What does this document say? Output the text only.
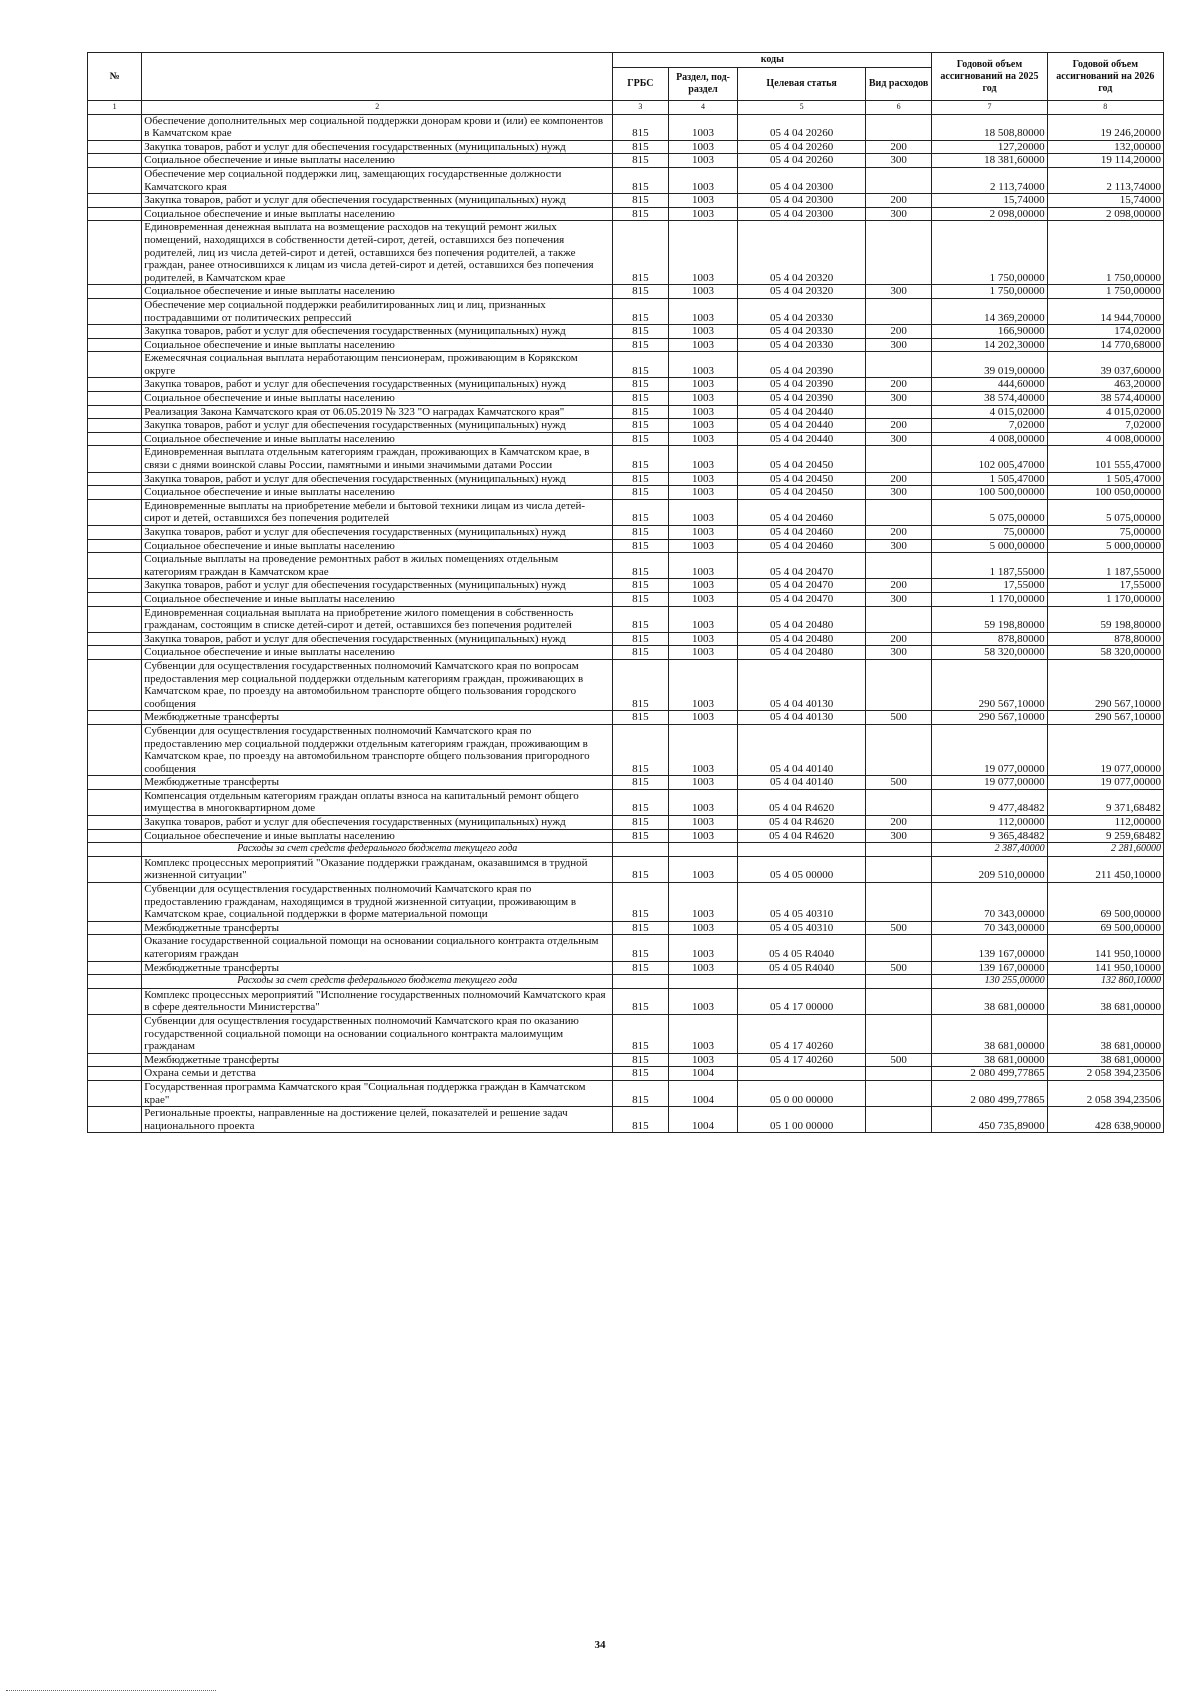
№		коды				Годовой объем ассигнований на 2025 год	Годовой объем ассигнований на 2026 год
		ГРБС	Раздел, под-раздел	Целевая статья	Вид расходов		
1	2	3	4	5	6	7	8
	Обеспечение дополнительных мер социальной поддержки донорам крови и (или) ее компонентов в Камчатском крае	815	1003	05 4 04 20260		18 508,80000	19 246,20000
	Закупка товаров, работ и услуг для обеспечения государственных (муниципальных) нужд	815	1003	05 4 04 20260	200	127,20000	132,00000
	Социальное обеспечение и иные выплаты населению	815	1003	05 4 04 20260	300	18 381,60000	19 114,20000
	Обеспечение мер социальной поддержки лиц, замещающих государственные должности Камчатского края	815	1003	05 4 04 20300		2 113,74000	2 113,74000
	Закупка товаров, работ и услуг для обеспечения государственных (муниципальных) нужд	815	1003	05 4 04 20300	200	15,74000	15,74000
	Социальное обеспечение и иные выплаты населению	815	1003	05 4 04 20300	300	2 098,00000	2 098,00000
	Единовременная денежная выплата на возмещение расходов на текущий ремонт жилых помещений, находящихся в собственности детей-сирот, детей, оставшихся без попечения родителей, лиц из числа детей-сирот и детей, оставшихся без попечения родителей, а также граждан, ранее относившихся к лицам из числа детей-сирот и детей, оставшихся без попечения родителей, в Камчатском крае	815	1003	05 4 04 20320		1 750,00000	1 750,00000
	Социальное обеспечение и иные выплаты населению	815	1003	05 4 04 20320	300	1 750,00000	1 750,00000
	Обеспечение мер социальной поддержки реабилитированных лиц и лиц, признанных пострадавшими от политических репрессий	815	1003	05 4 04 20330		14 369,20000	14 944,70000
	Закупка товаров, работ и услуг для обеспечения государственных (муниципальных) нужд	815	1003	05 4 04 20330	200	166,90000	174,02000
	Социальное обеспечение и иные выплаты населению	815	1003	05 4 04 20330	300	14 202,30000	14 770,68000
	Ежемесячная социальная выплата неработающим пенсионерам, проживающим в Корякском округе	815	1003	05 4 04 20390		39 019,00000	39 037,60000
	Закупка товаров, работ и услуг для обеспечения государственных (муниципальных) нужд	815	1003	05 4 04 20390	200	444,60000	463,20000
	Социальное обеспечение и иные выплаты населению	815	1003	05 4 04 20390	300	38 574,40000	38 574,40000
	Реализация Закона Камчатского края от 06.05.2019 № 323 "О наградах Камчатского края"	815	1003	05 4 04 20440		4 015,02000	4 015,02000
	Закупка товаров, работ и услуг для обеспечения государственных (муниципальных) нужд	815	1003	05 4 04 20440	200	7,02000	7,02000
	Социальное обеспечение и иные выплаты населению	815	1003	05 4 04 20440	300	4 008,00000	4 008,00000
	Единовременная выплата отдельным категориям граждан, проживающих в Камчатском крае, в связи с днями воинской славы России, памятными и иными значимыми датами России	815	1003	05 4 04 20450		102 005,47000	101 555,47000
	Закупка товаров, работ и услуг для обеспечения государственных (муниципальных) нужд	815	1003	05 4 04 20450	200	1 505,47000	1 505,47000
	Социальное обеспечение и иные выплаты населению	815	1003	05 4 04 20450	300	100 500,00000	100 050,00000
	Единовременные выплаты на приобретение мебели и бытовой техники лицам из числа детей-сирот и детей, оставшихся без попечения родителей	815	1003	05 4 04 20460		5 075,00000	5 075,00000
	Закупка товаров, работ и услуг для обеспечения государственных (муниципальных) нужд	815	1003	05 4 04 20460	200	75,00000	75,00000
	Социальное обеспечение и иные выплаты населению	815	1003	05 4 04 20460	300	5 000,00000	5 000,00000
	Социальные выплаты на проведение ремонтных работ в жилых помещениях отдельным категориям граждан в Камчатском крае	815	1003	05 4 04 20470		1 187,55000	1 187,55000
	Закупка товаров, работ и услуг для обеспечения государственных (муниципальных) нужд	815	1003	05 4 04 20470	200	17,55000	17,55000
	Социальное обеспечение и иные выплаты населению	815	1003	05 4 04 20470	300	1 170,00000	1 170,00000
	Единовременная социальная выплата на приобретение жилого помещения в собственность гражданам, состоящим в списке детей-сирот и детей, оставшихся без попечения родителей	815	1003	05 4 04 20480		59 198,80000	59 198,80000
	Закупка товаров, работ и услуг для обеспечения государственных (муниципальных) нужд	815	1003	05 4 04 20480	200	878,80000	878,80000
	Социальное обеспечение и иные выплаты населению	815	1003	05 4 04 20480	300	58 320,00000	58 320,00000
	Субвенции для осуществления государственных полномочий Камчатского края по вопросам предоставления мер социальной поддержки отдельным категориям граждан, проживающих в Камчатском крае, по проезду на автомобильном транспорте общего пользования городского сообщения	815	1003	05 4 04 40130		290 567,10000	290 567,10000
	Межбюджетные трансферты	815	1003	05 4 04 40130	500	290 567,10000	290 567,10000
	Субвенции для осуществления государственных полномочий Камчатского края по предоставлению мер социальной поддержки отдельным категориям граждан, проживающим в Камчатском крае, по проезду на автомобильном транспорте общего пользования пригородного сообщения	815	1003	05 4 04 40140		19 077,00000	19 077,00000
	Межбюджетные трансферты	815	1003	05 4 04 40140	500	19 077,00000	19 077,00000
	Компенсация отдельным категориям граждан оплаты взноса на капитальный ремонт общего имущества в многоквартирном доме	815	1003	05 4 04 R4620		9 477,48482	9 371,68482
	Закупка товаров, работ и услуг для обеспечения государственных (муниципальных) нужд	815	1003	05 4 04 R4620	200	112,00000	112,00000
	Социальное обеспечение и иные выплаты населению	815	1003	05 4 04 R4620	300	9 365,48482	9 259,68482
	Расходы за счет средств федерального бюджета текущего года					2 387,40000	2 281,60000
	Комплекс процессных мероприятий "Оказание поддержки гражданам, оказавшимся в трудной жизненной ситуации"	815	1003	05 4 05 00000		209 510,00000	211 450,10000
	Субвенции для осуществления государственных полномочий Камчатского края по предоставлению гражданам, находящимся в трудной жизненной ситуации, проживающим в Камчатском крае, социальной поддержки в форме материальной помощи	815	1003	05 4 05 40310		70 343,00000	69 500,00000
	Межбюджетные трансферты	815	1003	05 4 05 40310	500	70 343,00000	69 500,00000
	Оказание государственной социальной помощи на основании социального контракта отдельным категориям граждан	815	1003	05 4 05 R4040		139 167,00000	141 950,10000
	Межбюджетные трансферты	815	1003	05 4 05 R4040	500	139 167,00000	141 950,10000
	Расходы за счет средств федерального бюджета текущего года					130 255,00000	132 860,10000
	Комплекс процессных мероприятий "Исполнение государственных полномочий Камчатского края в сфере деятельности Министерства"	815	1003	05 4 17 00000		38 681,00000	38 681,00000
	Субвенции для осуществления государственных полномочий Камчатского края по оказанию государственной социальной помощи на основании социального контракта малоимущим гражданам	815	1003	05 4 17 40260		38 681,00000	38 681,00000
	Межбюджетные трансферты	815	1003	05 4 17 40260	500	38 681,00000	38 681,00000
	Охрана семьи и детства	815	1004			2 080 499,77865	2 058 394,23506
	Государственная программа Камчатского края "Социальная поддержка граждан в Камчатском крае"	815	1004	05 0 00 00000		2 080 499,77865	2 058 394,23506
	Региональные проекты, направленные на достижение целей, показателей и решение задач национального проекта	815	1004	05 1 00 00000		450 735,89000	428 638,90000
34
